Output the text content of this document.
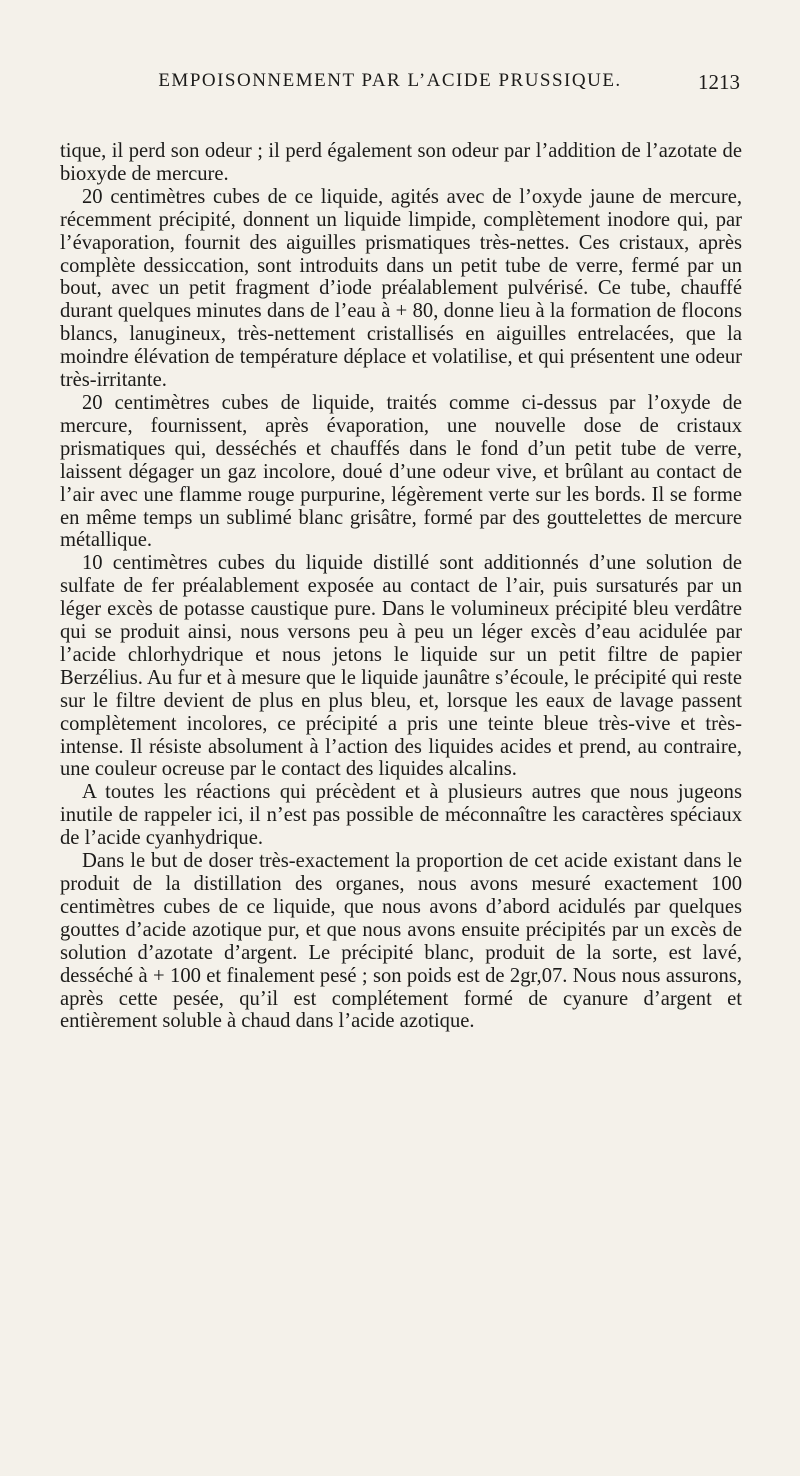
EMPOISONNEMENT PAR L’ACIDE PRUSSIQUE.	1213

tique, il perd son odeur ; il perd également son odeur par l’addition de l’azotate de bioxyde de mercure.

20 centimètres cubes de ce liquide, agités avec de l’oxyde jaune de mercure, récemment précipité, donnent un liquide limpide, complètement inodore qui, par l’évaporation, fournit des aiguilles prismatiques très-nettes. Ces cristaux, après complète dessiccation, sont introduits dans un petit tube de verre, fermé par un bout, avec un petit fragment d’iode préalablement pulvérisé. Ce tube, chauffé durant quelques minutes dans de l’eau à + 80, donne lieu à la formation de flocons blancs, lanugineux, très-nettement cristallisés en aiguilles entrelacées, que la moindre élévation de température déplace et volatilise, et qui présentent une odeur très-irritante.

20 centimètres cubes de liquide, traités comme ci-dessus par l’oxyde de mercure, fournissent, après évaporation, une nouvelle dose de cristaux prismatiques qui, desséchés et chauffés dans le fond d’un petit tube de verre, laissent dégager un gaz incolore, doué d’une odeur vive, et brûlant au contact de l’air avec une flamme rouge purpurine, légèrement verte sur les bords. Il se forme en même temps un sublimé blanc grisâtre, formé par des gouttelettes de mercure métallique.

10 centimètres cubes du liquide distillé sont additionnés d’une solution de sulfate de fer préalablement exposée au contact de l’air, puis sursaturés par un léger excès de potasse caustique pure. Dans le volumineux précipité bleu verdâtre qui se produit ainsi, nous versons peu à peu un léger excès d’eau acidulée par l’acide chlorhydrique et nous jetons le liquide sur un petit filtre de papier Berzélius. Au fur et à mesure que le liquide jaunâtre s’écoule, le précipité qui reste sur le filtre devient de plus en plus bleu, et, lorsque les eaux de lavage passent complètement incolores, ce précipité a pris une teinte bleue très-vive et très-intense. Il résiste absolument à l’action des liquides acides et prend, au contraire, une couleur ocreuse par le contact des liquides alcalins.

A toutes les réactions qui précèdent et à plusieurs autres que nous jugeons inutile de rappeler ici, il n’est pas possible de méconnaître les caractères spéciaux de l’acide cyanhydrique.

Dans le but de doser très-exactement la proportion de cet acide existant dans le produit de la distillation des organes, nous avons mesuré exactement 100 centimètres cubes de ce liquide, que nous avons d’abord acidulés par quelques gouttes d’acide azotique pur, et que nous avons ensuite précipités par un excès de solution d’azotate d’argent. Le précipité blanc, produit de la sorte, est lavé, desséché à + 100 et finalement pesé ; son poids est de 2gr,07. Nous nous assurons, après cette pesée, qu’il est complétement formé de cyanure d’argent et entièrement soluble à chaud dans l’acide azotique.
